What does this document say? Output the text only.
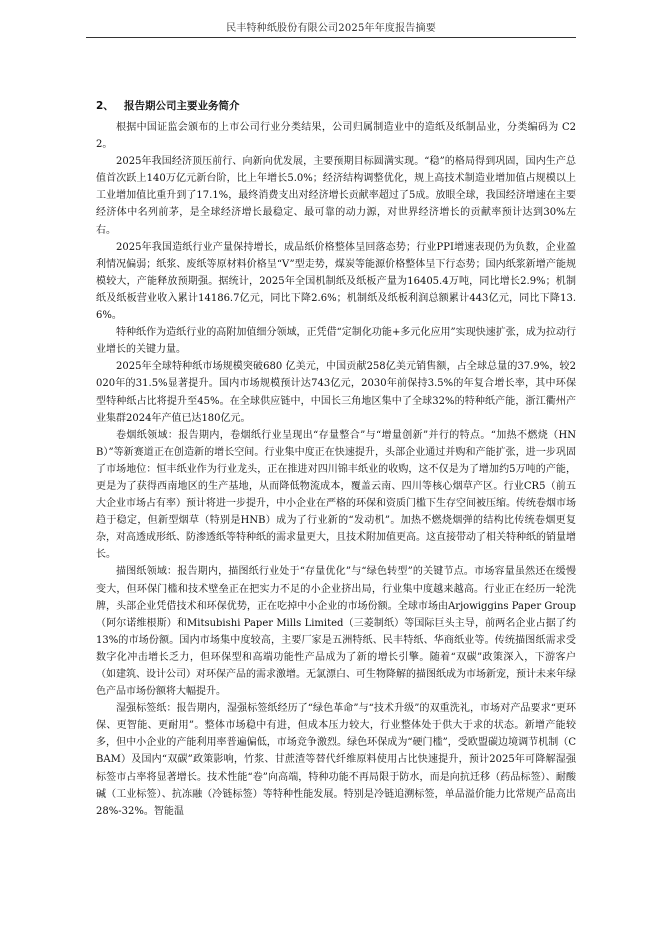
民丰特种纸股份有限公司2025年年度报告摘要
2、 报告期公司主要业务简介

根据中国证监会颁布的上市公司行业分类结果，公司归属制造业中的造纸及纸制品业，分类编码为 C22。

2025年我国经济顶压前行、向新向优发展，主要预期目标圆满实现。“稳”的格局得到巩固，国内生产总值首次跃上140万亿元新台阶，比上年增长5.0%；经济结构调整优化，规上高技术制造业增加值占规模以上工业增加值比重升到了17.1%，最终消费支出对经济增长贡献率超过了5成。放眼全球，我国经济增速在主要经济体中名列前茅，是全球经济增长最稳定、最可靠的动力源，对世界经济增长的贡献率预计达到30%左右。

2025年我国造纸行业产量保持增长，成品纸价格整体呈回落态势；行业PPI增速表现仍为负数，企业盈利情况偏弱；纸浆、废纸等原材料价格呈“V”型走势，煤炭等能源价格整体呈下行态势；国内纸浆新增产能规模较大，产能释放预期强。据统计，2025年全国机制纸及纸板产量为16405.4万吨，同比增长2.9%；机制纸及纸板营业收入累计14186.7亿元，同比下降2.6%；机制纸及纸板利润总额累计443亿元，同比下降13.6%。

特种纸作为造纸行业的高附加值细分领域，正凭借“定制化功能+多元化应用”实现快速扩张，成为拉动行业增长的关键力量。

2025年全球特种纸市场规模突破680 亿美元，中国贡献258亿美元销售额，占全球总量的37.9%，较2020年的31.5%显著提升。国内市场规模预计达743亿元，2030年前保持3.5%的年复合增长率，其中环保型特种纸占比将提升至45%。在全球供应链中，中国长三角地区集中了全球32%的特种纸产能，浙江衢州产业集群2024年产值已达180亿元。

卷烟纸领域：报告期内，卷烟纸行业呈现出“存量整合”与“增量创新”并行的特点。“加热不燃烧（HNB）”等新赛道正在创造新的增长空间。行业集中度正在快速提升，头部企业通过并购和产能扩张，进一步巩固了市场地位：恒丰纸业作为行业龙头，正在推进对四川锦丰纸业的收购，这不仅是为了增加约5万吨的产能，更是为了获得西南地区的生产基地，从而降低物流成本，覆盖云南、四川等核心烟草产区。行业CR5（前五大企业市场占有率）预计将进一步提升，中小企业在严格的环保和资质门槛下生存空间被压缩。传统卷烟市场趋于稳定，但新型烟草（特别是HNB）成为了行业新的“发动机”。加热不燃烧烟弹的结构比传统卷烟更复杂，对高透成形纸、防渗透纸等特种纸的需求量更大，且技术附加值更高。这直接带动了相关特种纸的销量增长。

描图纸领域：报告期内，描图纸行业处于“存量优化”与“绿色转型”的关键节点。市场容量虽然还在缓慢变大，但环保门槛和技术壁垒正在把实力不足的小企业挤出局，行业集中度越来越高。行业正在经历一轮洗牌，头部企业凭借技术和环保优势，正在吃掉中小企业的市场份额。全球市场由Arjowiggins Paper Group（阿尔诺维根斯）和Mitsubishi Paper Mills Limited（三菱制纸）等国际巨头主导，前两名企业占据了约13%的市场份额。国内市场集中度较高，主要厂家是五洲特纸、民丰特纸、华商纸业等。传统描图纸需求受数字化冲击增长乏力，但环保型和高端功能性产品成为了新的增长引擎。随着“双碳”政策深入，下游客户（如建筑、设计公司）对环保产品的需求激增。无氯漂白、可生物降解的描图纸成为市场新宠，预计未来年绿色产品市场份额将大幅提升。

湿强标签纸：报告期内，湿强标签纸经历了“绿色革命”与“技术升级”的双重洗礼，市场对产品要求“更环保、更智能、更耐用”。整体市场稳中有进，但成本压力较大，行业整体处于供大于求的状态。新增产能较多，但中小企业的产能利用率普遍偏低，市场竞争激烈。绿色环保成为“硬门槛”，受欧盟碳边境调节机制（CBAM）及国内“双碳”政策影响，竹浆、甘蔗渣等替代纤维原料使用占比快速提升，预计2025年可降解湿强标签市占率将显著增长。技术性能“卷”向高端，特种功能不再局限于防水，而是向抗迁移（药品标签）、耐酸碱（工业标签）、抗冻融（冷链标签）等特种性能发展。特别是冷链追溯标签，单品溢价能力比常规产品高出28%-32%。智能温
